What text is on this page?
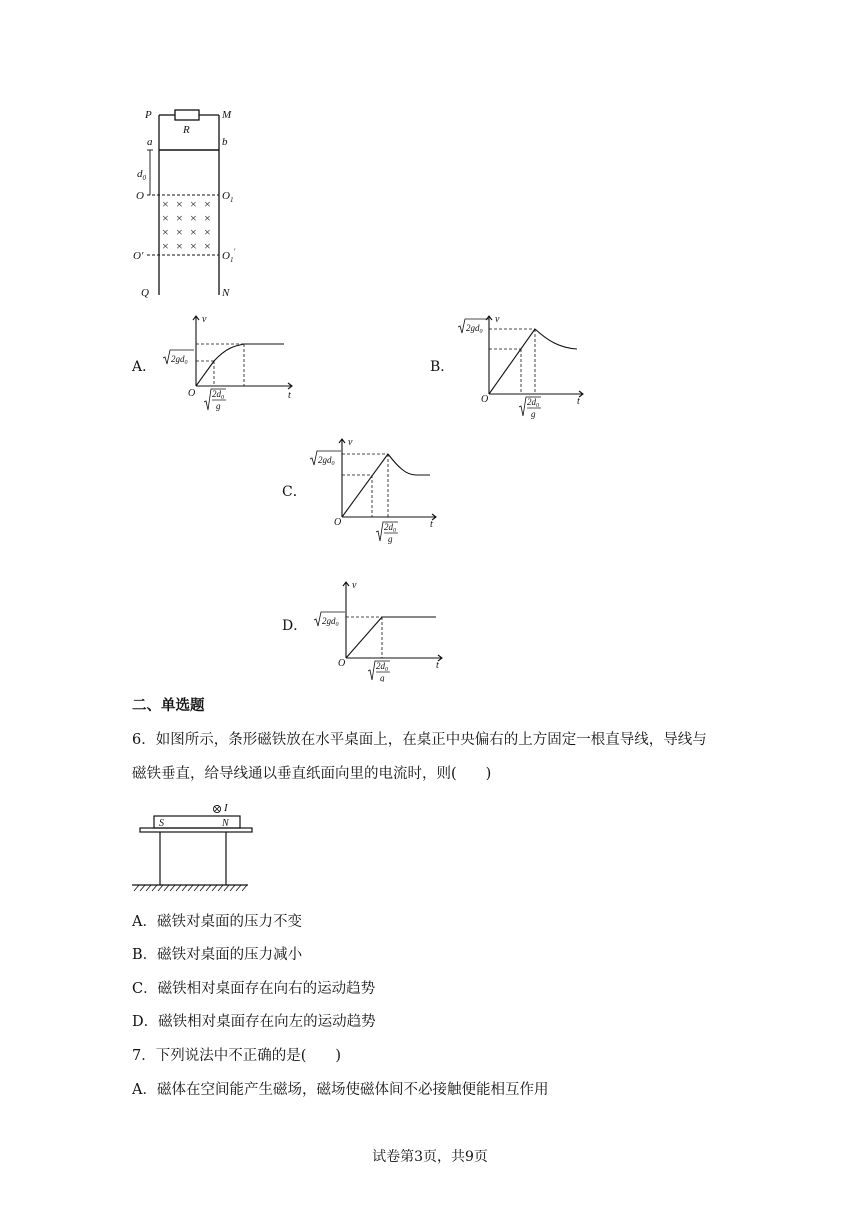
× × × ×
× × × ×
× × × ×
× × × ×
P	M
R
a	b
$d_0$
O	$O_1$
O′	$O_1'$
Q	N
A．	B．
C．
D．
v
t
O
$2gd_0$
$2d_0$
g
v
t
O
$2gd_0$
$2d_0$
g
v
t
O
$2gd_0$
$2d_0$
g
v
t
O
$2gd_0$
$2d_0$
g
二、单选题
6．如图所示，条形磁铁放在水平桌面上，在桌正中央偏右的上方固定一根直导线，导线与
磁铁垂直，给导线通以垂直纸面向里的电流时，则(　　)
I
S	N
A．磁铁对桌面的压力不变
B．磁铁对桌面的压力减小
C．磁铁相对桌面存在向右的运动趋势
D．磁铁相对桌面存在向左的运动趋势
7．下列说法中不正确的是(　　)
A．磁体在空间能产生磁场，磁场使磁体间不必接触便能相互作用
试卷第3页，共9页
